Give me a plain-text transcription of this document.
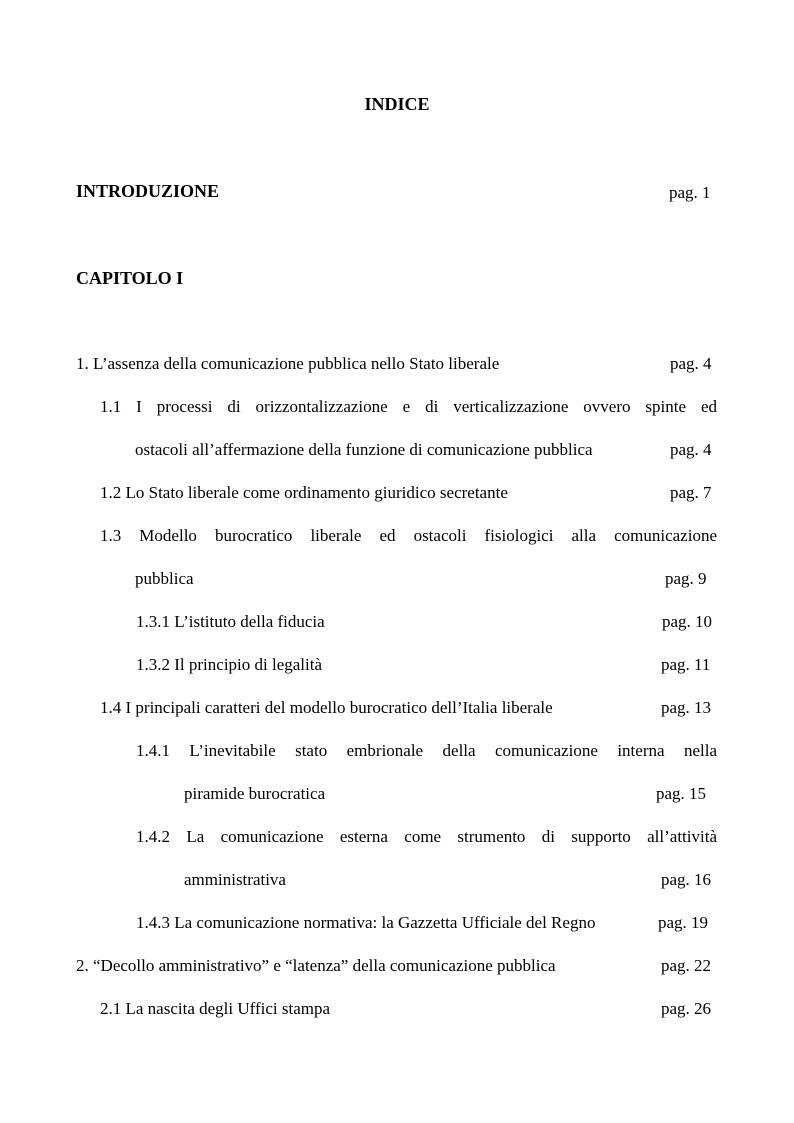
INDICE
INTRODUZIONE	pag. 1
CAPITOLO I
1. L’assenza della comunicazione pubblica nello Stato liberale	pag. 4
1.1 I processi di orizzontalizzazione e di verticalizzazione ovvero spinte ed
ostacoli all’affermazione della funzione di comunicazione pubblica	pag. 4
1.2 Lo Stato liberale come ordinamento giuridico secretante	pag. 7
1.3 Modello burocratico liberale ed ostacoli fisiologici alla comunicazione
pubblica	pag. 9
1.3.1 L’istituto della fiducia	pag. 10
1.3.2 Il principio di legalità	pag. 11
1.4 I principali caratteri del modello burocratico dell’Italia liberale	pag. 13
1.4.1 L’inevitabile stato embrionale della comunicazione interna nella
piramide burocratica	pag. 15
1.4.2 La comunicazione esterna come strumento di supporto all’attività
amministrativa	pag. 16
1.4.3 La comunicazione normativa: la Gazzetta Ufficiale del Regno	pag. 19
2. “Decollo amministrativo” e “latenza” della comunicazione pubblica	pag. 22
2.1 La nascita degli Uffici stampa	pag. 26
